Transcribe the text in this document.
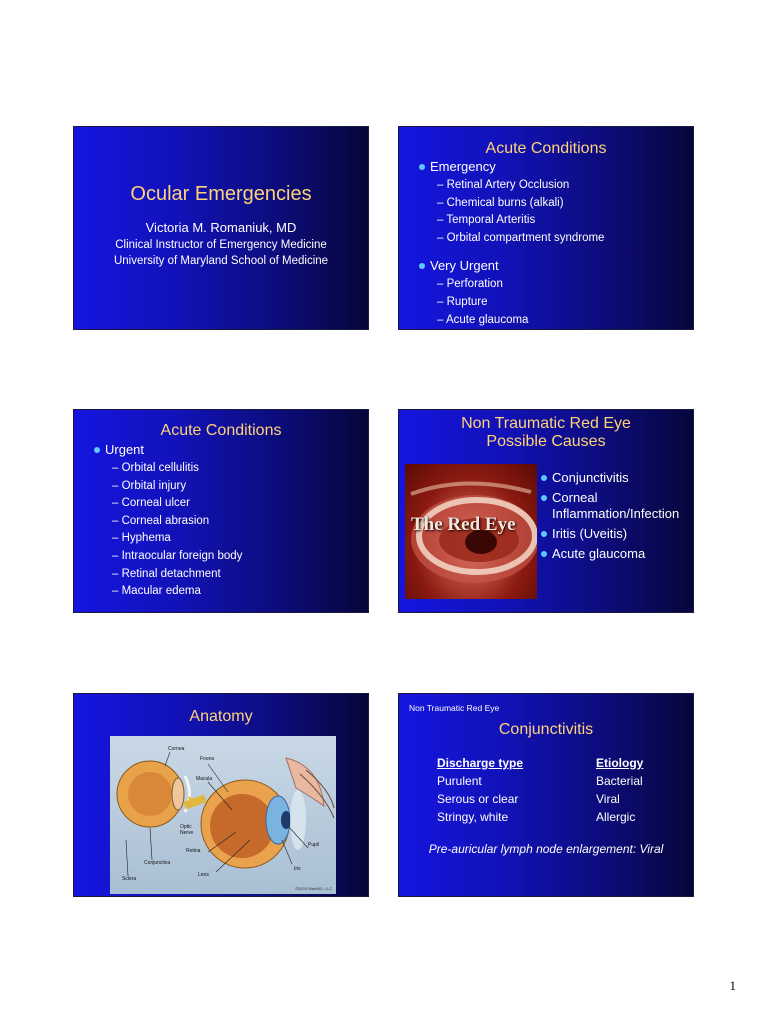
Ocular Emergencies
Victoria M. Romaniuk, MD
Clinical Instructor of Emergency Medicine
University of Maryland School of Medicine
Acute Conditions
Emergency
– Retinal Artery Occlusion
– Chemical burns (alkali)
– Temporal Arteritis
– Orbital compartment syndrome
Very Urgent
– Perforation
– Rupture
– Acute glaucoma
Acute Conditions
Urgent
– Orbital cellulitis
– Orbital injury
– Corneal ulcer
– Corneal abrasion
– Hyphema
– Intraocular foreign body
– Retinal detachment
– Macular edema
Non Traumatic Red Eye
Possible Causes
The Red Eye
Conjunctivitis
Corneal Inflammation/Infection
Iritis (Uveitis)
Acute glaucoma
Anatomy
Cornea
Fovea
Macula
Optic Nerve
Retina
Conjunctiva
Sclera
Lens
Iris
Pupil
©2003 WebMD, LLC
Non Traumatic Red Eye
Conjunctivitis
Discharge type	Etiology
Purulent	Bacterial
Serous or clear	Viral
Stringy, white	Allergic
Pre-auricular lymph node enlargement: Viral
1
